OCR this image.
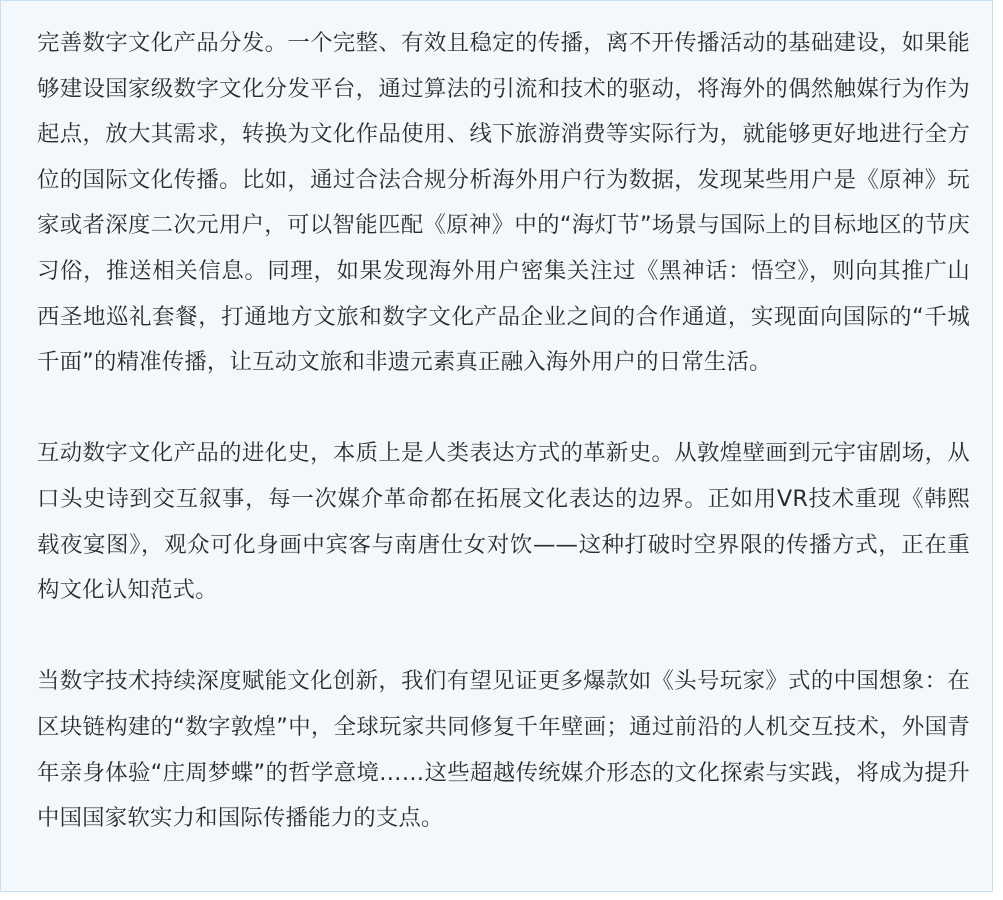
完善数字文化产品分发。一个完整、有效且稳定的传播，离不开传播活动的基础建设，如果能够建设国家级数字文化分发平台，通过算法的引流和技术的驱动，将海外的偶然触媒行为作为起点，放大其需求，转换为文化作品使用、线下旅游消费等实际行为，就能够更好地进行全方位的国际文化传播。比如，通过合法合规分析海外用户行为数据，发现某些用户是《原神》玩家或者深度二次元用户，可以智能匹配《原神》中的“海灯节”场景与国际上的目标地区的节庆习俗，推送相关信息。同理，如果发现海外用户密集关注过《黑神话：悟空》，则向其推广山西圣地巡礼套餐，打通地方文旅和数字文化产品企业之间的合作通道，实现面向国际的“千城千面”的精准传播，让互动文旅和非遗元素真正融入海外用户的日常生活。

互动数字文化产品的进化史，本质上是人类表达方式的革新史。从敦煌壁画到元宇宙剧场，从口头史诗到交互叙事，每一次媒介革命都在拓展文化表达的边界。正如用VR技术重现《韩熙载夜宴图》，观众可化身画中宾客与南唐仕女对饮——这种打破时空界限的传播方式，正在重构文化认知范式。

当数字技术持续深度赋能文化创新，我们有望见证更多爆款如《头号玩家》式的中国想象：在区块链构建的“数字敦煌”中，全球玩家共同修复千年壁画；通过前沿的人机交互技术，外国青年亲身体验“庄周梦蝶”的哲学意境……这些超越传统媒介形态的文化探索与实践，将成为提升中国国家软实力和国际传播能力的支点。
